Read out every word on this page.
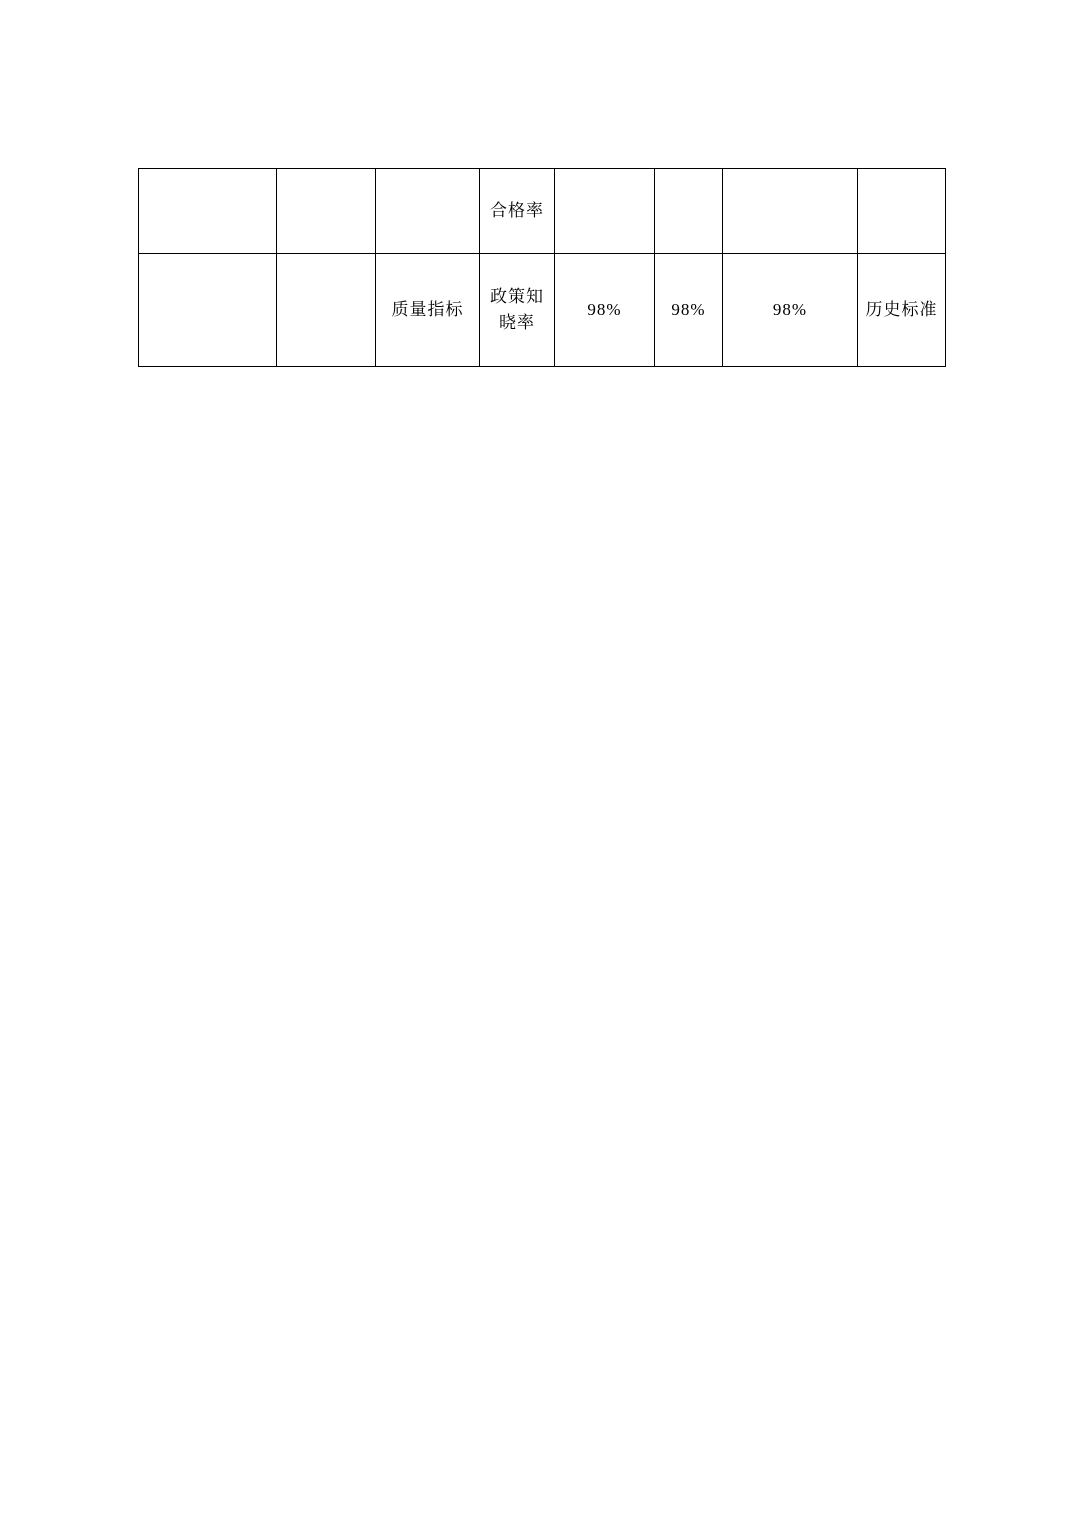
			合格率				
		质量指标	政策知晓率	98%	98%	98%	历史标准
